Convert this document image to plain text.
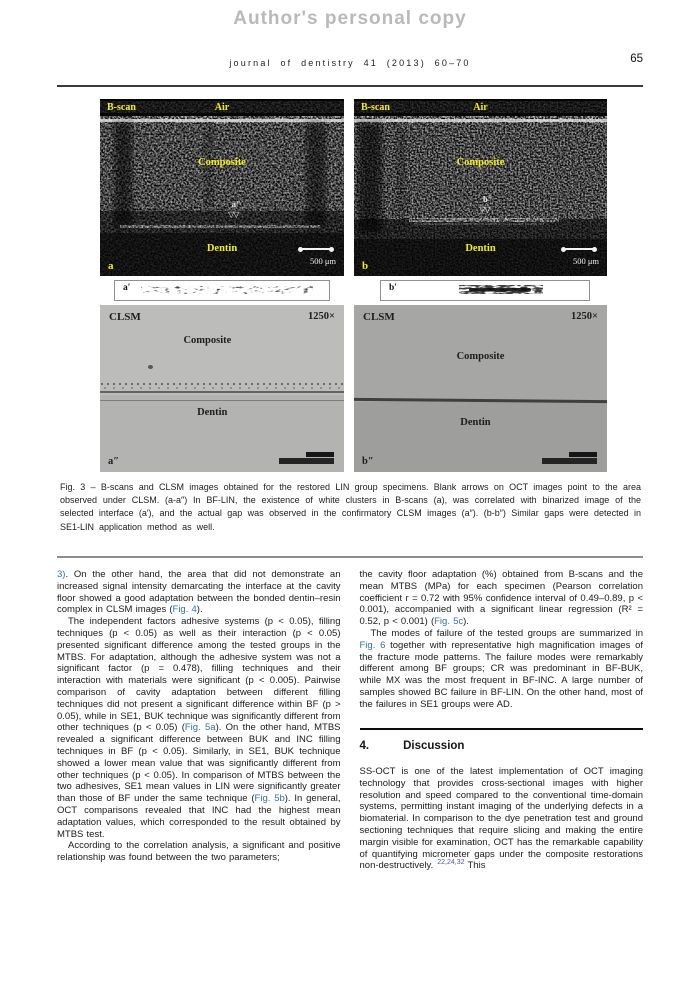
Author's personal copy
journal of dentistry 41 (2013) 60–70	65
B-scan	Air
Composite
a″
▽▽
Dentin
a	500 μm
B-scan	Air
Composite
b″
▽▽
Dentin
b	500 μm
a′	b′
CLSM	1250×
Composite
Dentin
a″
CLSM	1250×
Composite
Dentin
b″

Fig. 3 – B-scans and CLSM images obtained for the restored LIN group specimens. Blank arrows on OCT images point to the area observed under CLSM. (a-a″) In BF-LIN, the existence of white clusters in B-scans (a), was correlated with binarized image of the selected interface (a′), and the actual gap was observed in the confirmatory CLSM images (a″). (b-b″) Similar gaps were detected in SE1-LIN application method as well.

3). On the other hand, the area that did not demonstrate an increased signal intensity demarcating the interface at the cavity floor showed a good adaptation between the bonded dentin–resin complex in CLSM images (Fig. 4).

The independent factors adhesive systems (p < 0.05), filling techniques (p < 0.05) as well as their interaction (p < 0.05) presented significant difference among the tested groups in the MTBS. For adaptation, although the adhesive system was not a significant factor (p = 0.478), filling techniques and their interaction with materials were significant (p < 0.005). Pairwise comparison of cavity adaptation between different filling techniques did not present a significant difference within BF (p > 0.05), while in SE1, BUK technique was significantly different from other techniques (p < 0.05) (Fig. 5a). On the other hand, MTBS revealed a significant difference between BUK and INC filling techniques in BF (p < 0.05). Similarly, in SE1, BUK technique showed a lower mean value that was significantly different from other techniques (p < 0.05). In comparison of MTBS between the two adhesives, SE1 mean values in LIN were significantly greater than those of BF under the same technique (Fig. 5b). In general, OCT comparisons revealed that INC had the highest mean adaptation values, which corresponded to the result obtained by MTBS test.

According to the correlation analysis, a significant and positive relationship was found between the two parameters;

the cavity floor adaptation (%) obtained from B-scans and the mean MTBS (MPa) for each specimen (Pearson correlation coefficient r = 0.72 with 95% confidence interval of 0.49–0.89, p < 0.001), accompanied with a significant linear regression (R² = 0.52, p < 0.001) (Fig. 5c).

The modes of failure of the tested groups are summarized in Fig. 6 together with representative high magnification images of the fracture mode patterns. The failure modes were remarkably different among BF groups; CR was predominant in BF-BUK, while MX was the most frequent in BF-INC. A large number of samples showed BC failure in BF-LIN. On the other hand, most of the failures in SE1 groups were AD.

4.	Discussion

SS-OCT is one of the latest implementation of OCT imaging technology that provides cross-sectional images with higher resolution and speed compared to the conventional time-domain systems, permitting instant imaging of the underlying defects in a biomaterial. In comparison to the dye penetration test and ground sectioning techniques that require slicing and making the entire margin visible for examination, OCT has the remarkable capability of quantifying micrometer gaps under the composite restorations non-destructively. $^{22,24,32}$ This
